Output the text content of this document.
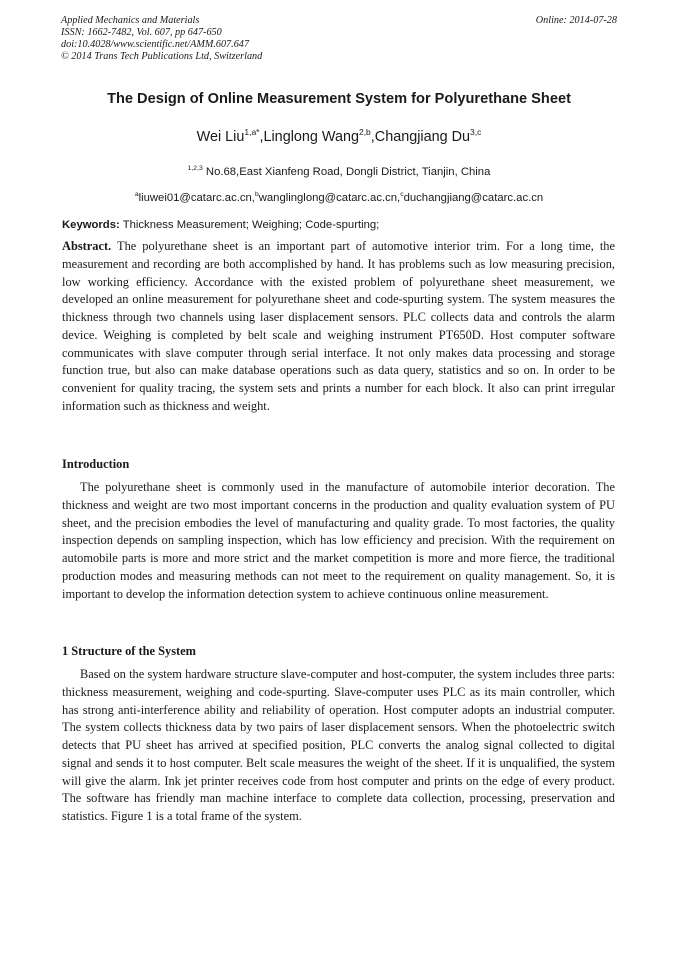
Applied Mechanics and Materials
ISSN: 1662-7482, Vol. 607, pp 647-650
doi:10.4028/www.scientific.net/AMM.607.647
© 2014 Trans Tech Publications Ltd, Switzerland
Online: 2014-07-28
The Design of Online Measurement System for Polyurethane Sheet
Wei Liu$^{1,a*}$,Linglong Wang$^{2,b}$,Changjiang Du$^{3,c}$
$^{1,2,3}$ No.68,East Xianfeng Road, Dongli District, Tianjin, China
$^a$liuwei01@catarc.ac.cn,$^b$wanglinglong@catarc.ac.cn,$^c$duchangjiang@catarc.ac.cn
Keywords: Thickness Measurement; Weighing; Code-spurting;
Abstract. The polyurethane sheet is an important part of automotive interior trim. For a long time, the measurement and recording are both accomplished by hand. It has problems such as low measuring precision, low working efficiency. Accordance with the existed problem of polyurethane sheet measurement, we developed an online measurement for polyurethane sheet and code-spurting system. The system measures the thickness through two channels using laser displacement sensors. PLC collects data and controls the alarm device. Weighing is completed by belt scale and weighing instrument PT650D. Host computer software communicates with slave computer through serial interface. It not only makes data processing and storage function true, but also can make database operations such as data query, statistics and so on. In order to be convenient for quality tracing, the system sets and prints a number for each block. It also can print irregular information such as thickness and weight.
Introduction
The polyurethane sheet is commonly used in the manufacture of automobile interior decoration. The thickness and weight are two most important concerns in the production and quality evaluation system of PU sheet, and the precision embodies the level of manufacturing and quality grade. To most factories, the quality inspection depends on sampling inspection, which has low efficiency and precision. With the requirement on automobile parts is more and more strict and the market competition is more and more fierce, the traditional production modes and measuring methods can not meet to the requirement on quality management. So, it is important to develop the information detection system to achieve continuous online measurement.
1 Structure of the System
Based on the system hardware structure slave-computer and host-computer, the system includes three parts: thickness measurement, weighing and code-spurting. Slave-computer uses PLC as its main controller, which has strong anti-interference ability and reliability of operation. Host computer adopts an industrial computer. The system collects thickness data by two pairs of laser displacement sensors. When the photoelectric switch detects that PU sheet has arrived at specified position, PLC converts the analog signal collected to digital signal and sends it to host computer. Belt scale measures the weight of the sheet. If it is unqualified, the system will give the alarm. Ink jet printer receives code from host computer and prints on the edge of every product. The software has friendly man machine interface to complete data collection, processing, preservation and statistics. Figure 1 is a total frame of the system.
